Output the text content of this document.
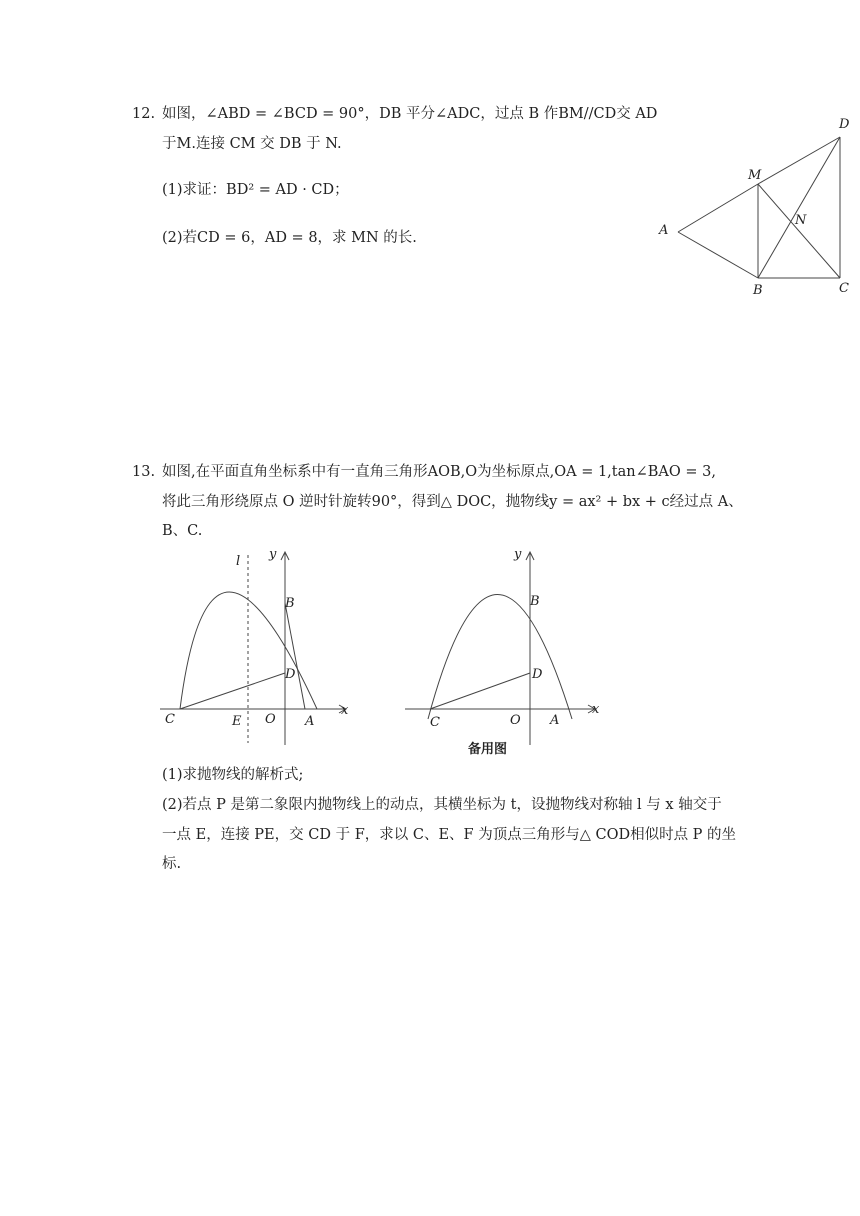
12. 如图，∠ABD = ∠BCD = 90°，DB 平分∠ADC，过点 B 作BM//CD交 AD
于M.连接 CM 交 DB 于 N.
(1)求证：BD² = AD · CD；
(2)若CD = 6，AD = 8，求 MN 的长.	A
M
D
N
B	C
13. 如图,在平面直角坐标系中有一直角三角形AOB,O为坐标原点,OA = 1,tan∠BAO = 3,
将此三角形绕原点 O 逆时针旋转90°，得到△ DOC，抛物线y = ax² + bx + c经过点 A、
B、C.
l y
x
B
D
C	E O A
y
x
B
D
C	O A
备用图
(1)求抛物线的解析式;
(2)若点 P 是第二象限内抛物线上的动点，其横坐标为 t，设抛物线对称轴 l 与 x 轴交于
一点 E，连接 PE，交 CD 于 F，求以 C、E、F 为顶点三角形与△ COD相似时点 P 的坐
标.
